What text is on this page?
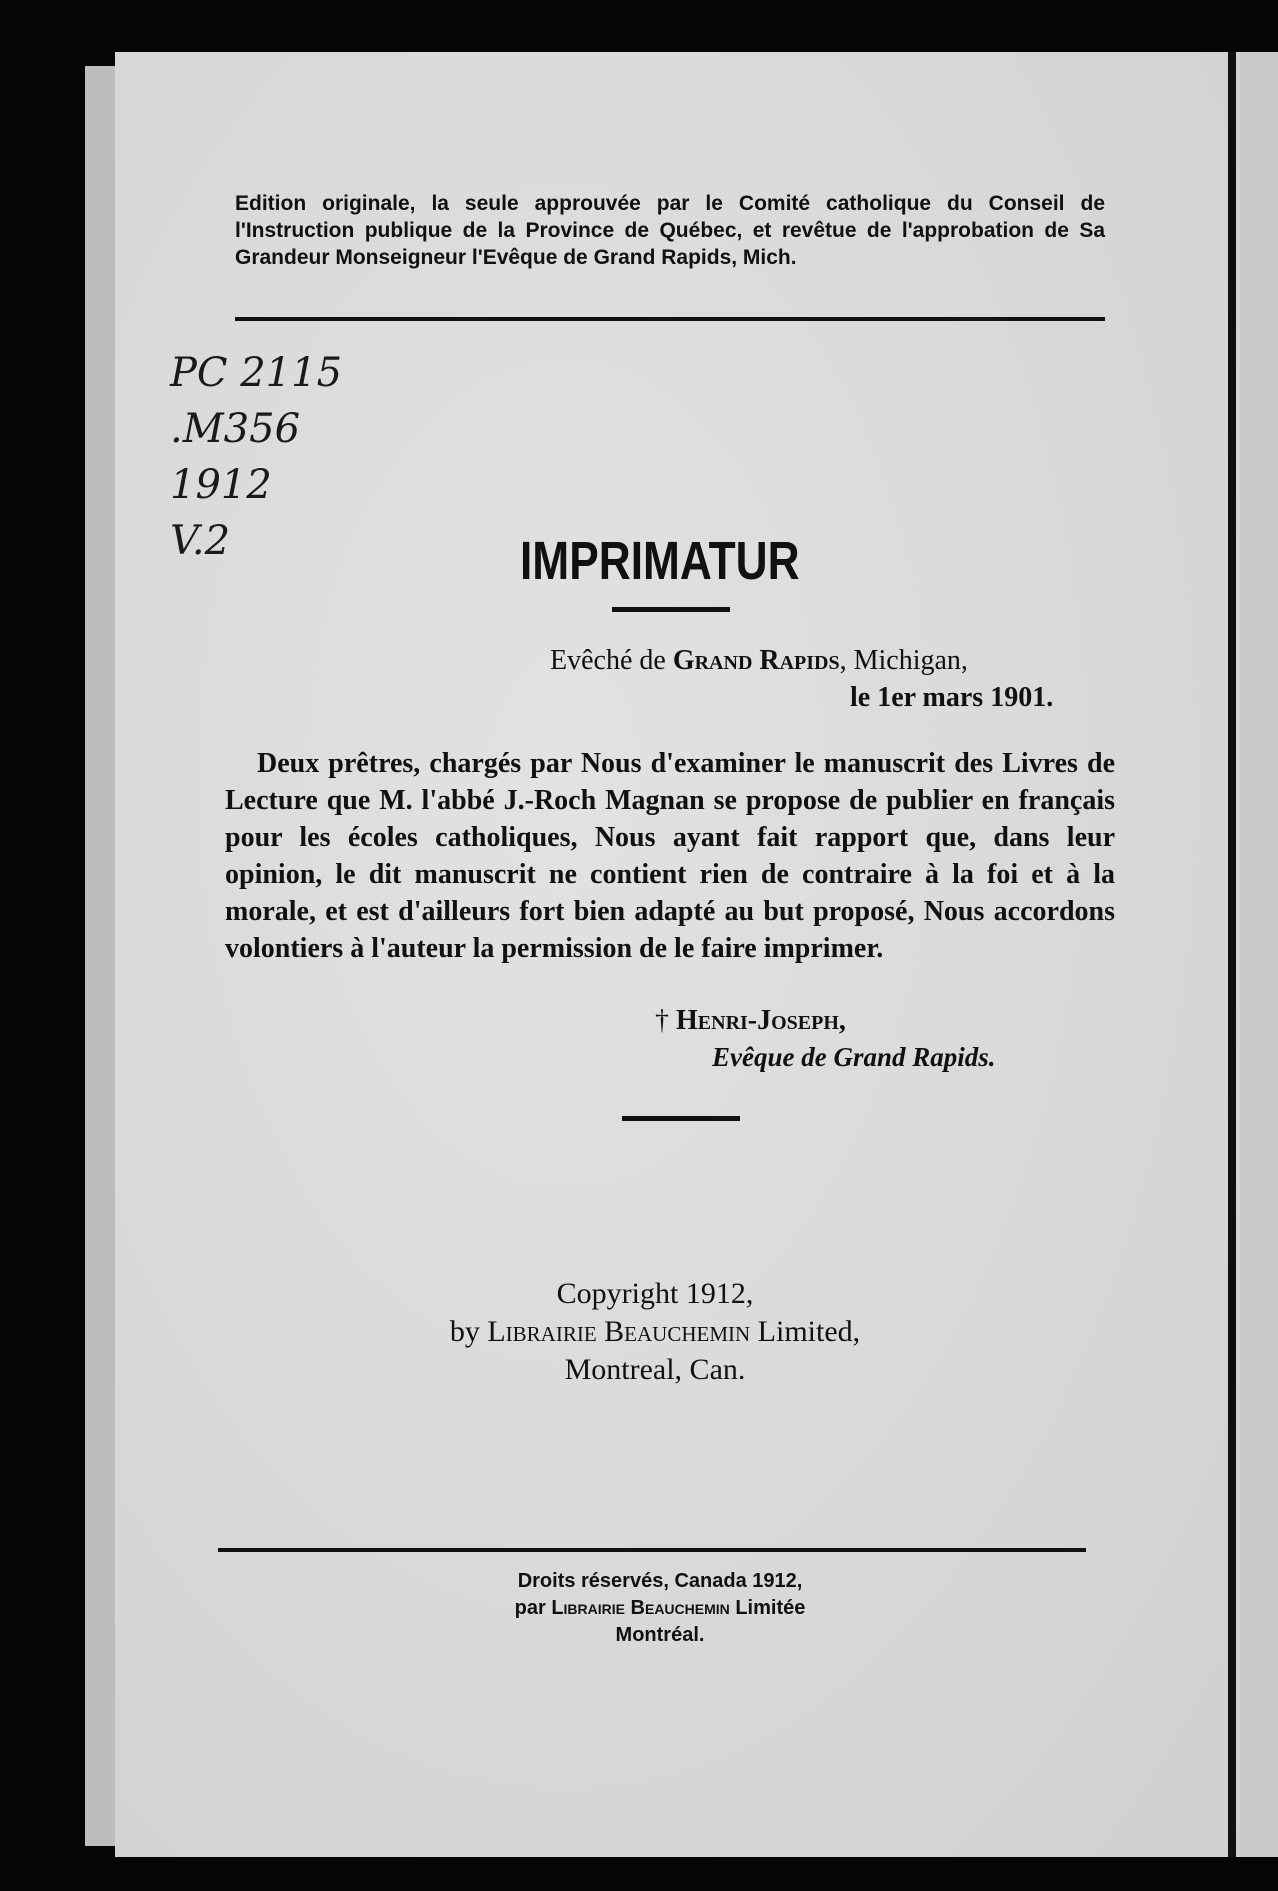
Edition originale, la seule approuvée par le Comité catholique du Conseil de l'Instruction publique de la Province de Québec, et revêtue de l'approbation de Sa Grandeur Monseigneur l'Evêque de Grand Rapids, Mich.
PC 2115
.M356
1912
V.2	IMPRIMATUR
Evêché de Grand Rapids, Michigan,
le 1er mars 1901.
Deux prêtres, chargés par Nous d'examiner le manuscrit des Livres de Lecture que M. l'abbé J.-Roch Magnan se propose de publier en français pour les écoles catholiques, Nous ayant fait rapport que, dans leur opinion, le dit manuscrit ne contient rien de contraire à la foi et à la morale, et est d'ailleurs fort bien adapté au but proposé, Nous accordons volontiers à l'auteur la permission de le faire imprimer.
† Henri-Joseph,
Evêque de Grand Rapids.
Copyright 1912,
by Librairie Beauchemin Limited,
Montreal, Can.
Droits réservés, Canada 1912,
par Librairie Beauchemin Limitée
Montréal.
